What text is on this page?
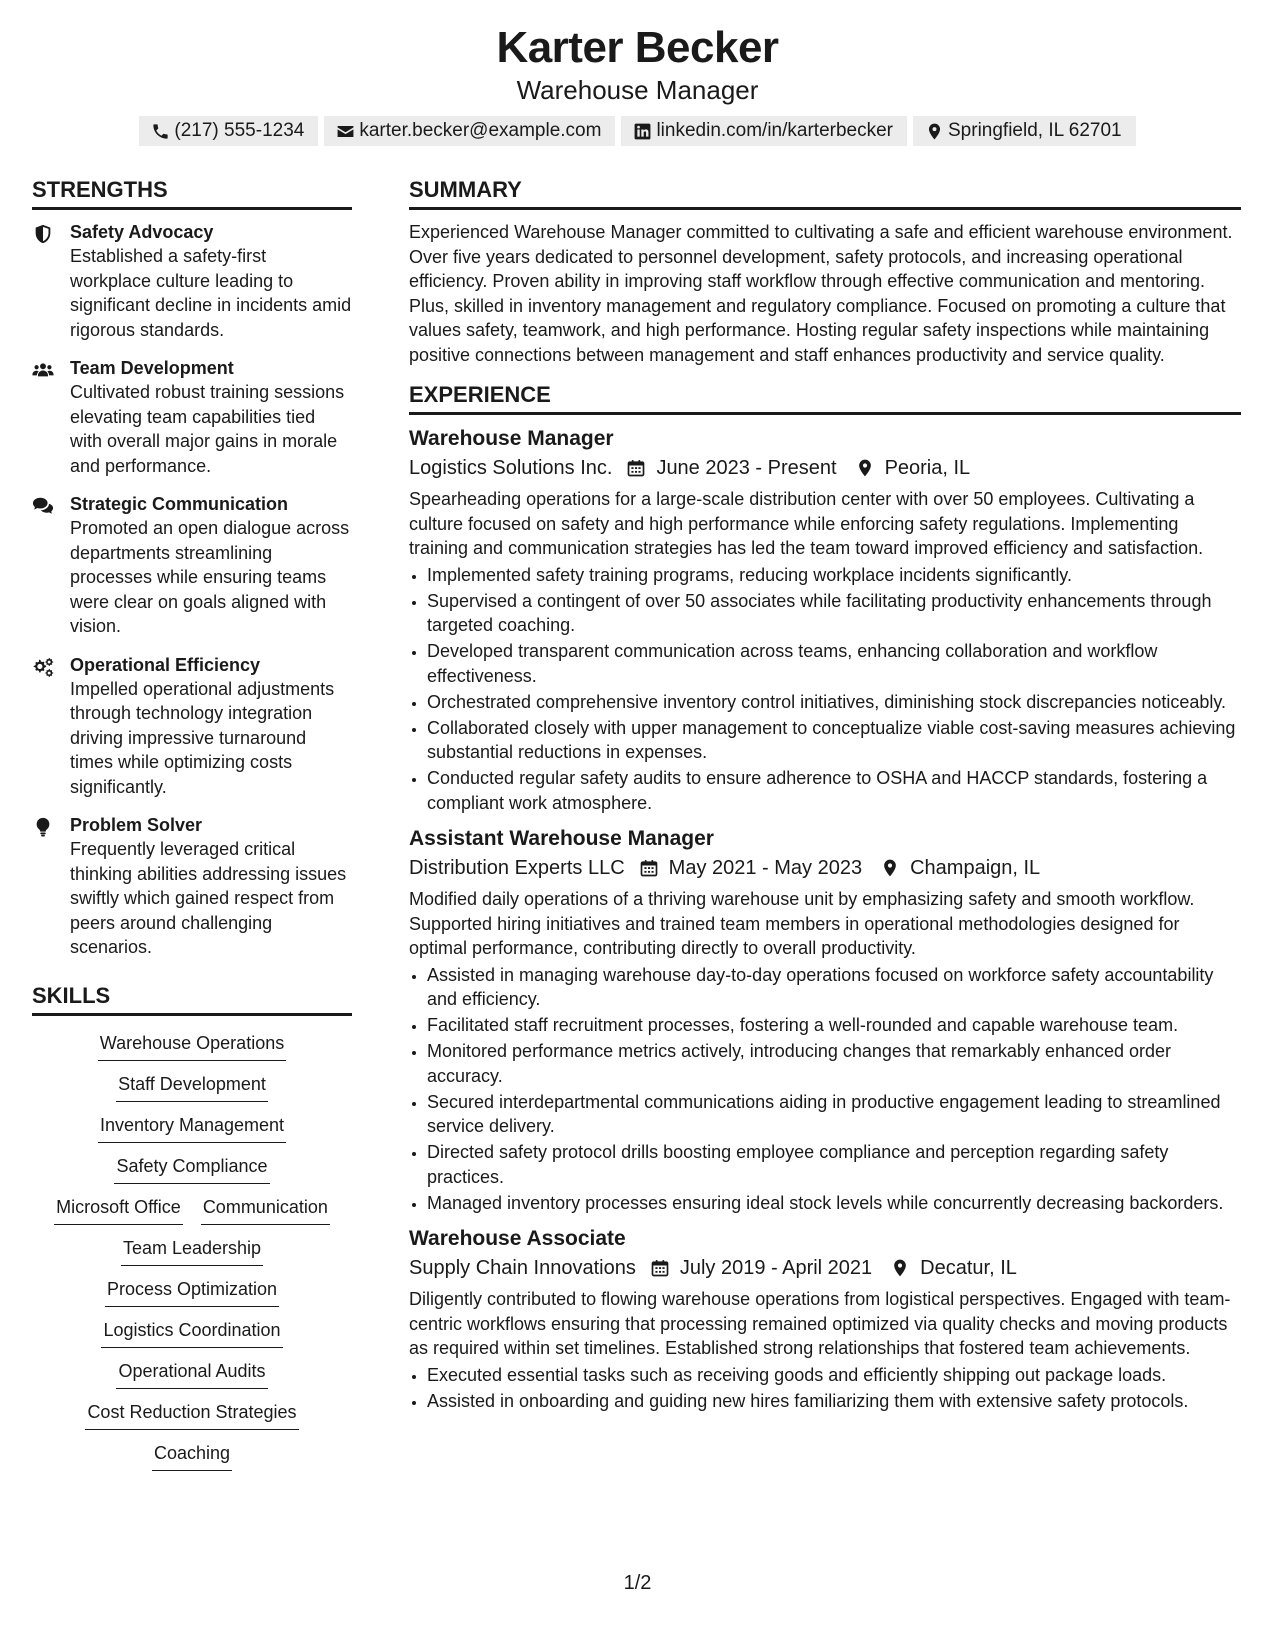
Karter Becker
Warehouse Manager
(217) 555-1234	karter.becker@example.com	linkedin.com/in/karterbecker	Springfield, IL 62701
STRENGTHS
Safety Advocacy
Established a safety-first workplace culture leading to significant decline in incidents amid rigorous standards.
Team Development
Cultivated robust training sessions elevating team capabilities tied with overall major gains in morale and performance.
Strategic Communication
Promoted an open dialogue across departments streamlining processes while ensuring teams were clear on goals aligned with vision.
Operational Efficiency
Impelled operational adjustments through technology integration driving impressive turnaround times while optimizing costs significantly.
Problem Solver
Frequently leveraged critical thinking abilities addressing issues swiftly which gained respect from peers around challenging scenarios.
SKILLS
Warehouse Operations
Staff Development
Inventory Management
Safety Compliance
Microsoft Office Communication
Team Leadership
Process Optimization
Logistics Coordination
Operational Audits
Cost Reduction Strategies
Coaching
SUMMARY
Experienced Warehouse Manager committed to cultivating a safe and efficient warehouse environment. Over five years dedicated to personnel development, safety protocols, and increasing operational efficiency. Proven ability in improving staff workflow through effective communication and mentoring. Plus, skilled in inventory management and regulatory compliance. Focused on promoting a culture that values safety, teamwork, and high performance. Hosting regular safety inspections while maintaining positive connections between management and staff enhances productivity and service quality.
EXPERIENCE
Warehouse Manager
Logistics Solutions Inc. June 2023 - Present Peoria, IL
Spearheading operations for a large-scale distribution center with over 50 employees. Cultivating a culture focused on safety and high performance while enforcing safety regulations. Implementing training and communication strategies has led the team toward improved efficiency and satisfaction.
• Implemented safety training programs, reducing workplace incidents significantly.
• Supervised a contingent of over 50 associates while facilitating productivity enhancements through targeted coaching.
• Developed transparent communication across teams, enhancing collaboration and workflow effectiveness.
• Orchestrated comprehensive inventory control initiatives, diminishing stock discrepancies noticeably.
• Collaborated closely with upper management to conceptualize viable cost-saving measures achieving substantial reductions in expenses.
• Conducted regular safety audits to ensure adherence to OSHA and HACCP standards, fostering a compliant work atmosphere.
Assistant Warehouse Manager
Distribution Experts LLC May 2021 - May 2023 Champaign, IL
Modified daily operations of a thriving warehouse unit by emphasizing safety and smooth workflow. Supported hiring initiatives and trained team members in operational methodologies designed for optimal performance, contributing directly to overall productivity.
• Assisted in managing warehouse day-to-day operations focused on workforce safety accountability and efficiency.
• Facilitated staff recruitment processes, fostering a well-rounded and capable warehouse team.
• Monitored performance metrics actively, introducing changes that remarkably enhanced order accuracy.
• Secured interdepartmental communications aiding in productive engagement leading to streamlined service delivery.
• Directed safety protocol drills boosting employee compliance and perception regarding safety practices.
• Managed inventory processes ensuring ideal stock levels while concurrently decreasing backorders.
Warehouse Associate
Supply Chain Innovations July 2019 - April 2021 Decatur, IL
Diligently contributed to flowing warehouse operations from logistical perspectives. Engaged with team-centric workflows ensuring that processing remained optimized via quality checks and moving products as required within set timelines. Established strong relationships that fostered team achievements.
• Executed essential tasks such as receiving goods and efficiently shipping out package loads.
• Assisted in onboarding and guiding new hires familiarizing them with extensive safety protocols.
1/2
